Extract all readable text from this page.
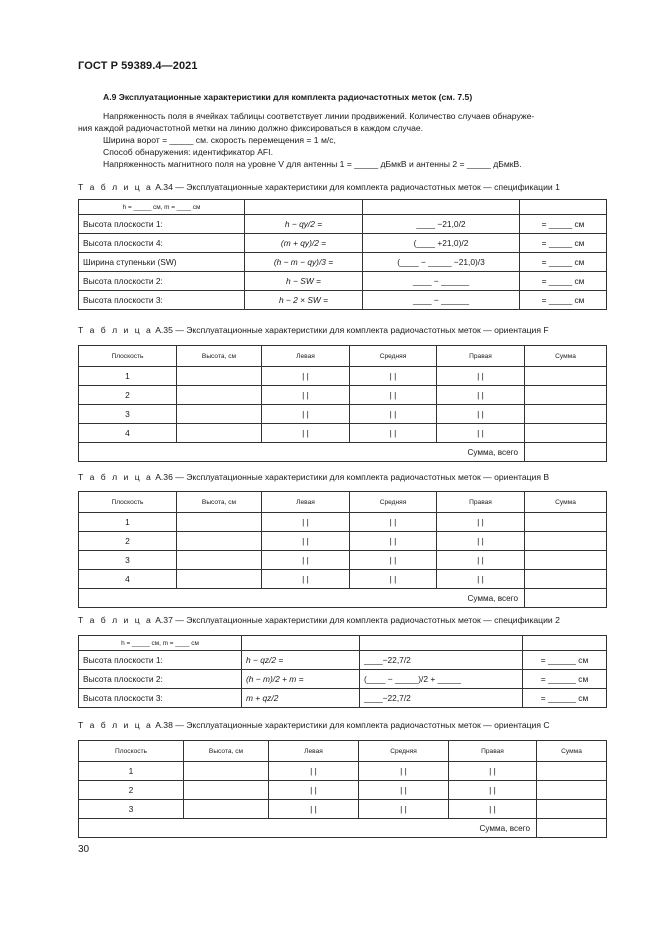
ГОСТ Р 59389.4—2021
А.9 Эксплуатационные характеристики для комплекта радиочастотных меток (см. 7.5)
Напряженность поля в ячейках таблицы соответствует линии продвижений. Количество случаев обнаруже-
ния каждой радиочастотной метки на линию должно фиксироваться в каждом случае.
Ширина ворот = _____ см. скорость перемещения = 1 м/с,
Способ обнаружения: идентификатор AFI.
Напряженность магнитного поля на уровне V для антенны 1 = _____ дБмкВ и антенны 2 = _____ дБмкВ.
Т а б л и ц а А.34 — Эксплуатационные характеристики для комплекта радиочастотных меток — спецификации 1
h = _____ см, m = ____ см			
Высота плоскости 1:	h − qy/2 =	____ −21,0/2	= _____ см
Высота плоскости 4:	(m + qy)/2 =	(____ +21,0)/2	= _____ см
Ширина ступеньки (SW)	(h − m − qy)/3 =	(____ − _____ −21,0)/3	= _____ см
Высота плоскости 2:	h − SW =	____ − ______	= _____ см
Высота плоскости 3:	h − 2 × SW =	____ − ______	= _____ см
Т а б л и ц а А.35 — Эксплуатационные характеристики для комплекта радиочастотных меток — ориентация F
Плоскость	Высота, см	Левая	Средняя	Правая	Сумма
1		| |	| |	| |	
2		| |	| |	| |	
3		| |	| |	| |	
4		| |	| |	| |	
Сумма, всего					
Т а б л и ц а А.36 — Эксплуатационные характеристики для комплекта радиочастотных меток — ориентация В
Плоскость	Высота, см	Левая	Средняя	Правая	Сумма
1		| |	| |	| |	
2		| |	| |	| |	
3		| |	| |	| |	
4		| |	| |	| |	
Сумма, всего					
Т а б л и ц а А.37 — Эксплуатационные характеристики для комплекта радиочастотных меток — спецификации 2
h = _____ см, m = ____ см			
Высота плоскости 1:	h − qz/2 =	____−22,7/2	= ______ см
Высота плоскости 2:	(h − m)/2 + m =	(____ − _____)/2 + _____	= ______ см
Высота плоскости 3:	m + qz/2	____−22,7/2	= ______ см
Т а б л и ц а А.38 — Эксплуатационные характеристики для комплекта радиочастотных меток — ориентация С
Плоскость	Высота, см	Левая	Средняя	Правая	Сумма
1		| |	| |	| |	
2		| |	| |	| |	
3		| |	| |	| |	
Сумма, всего					
30
